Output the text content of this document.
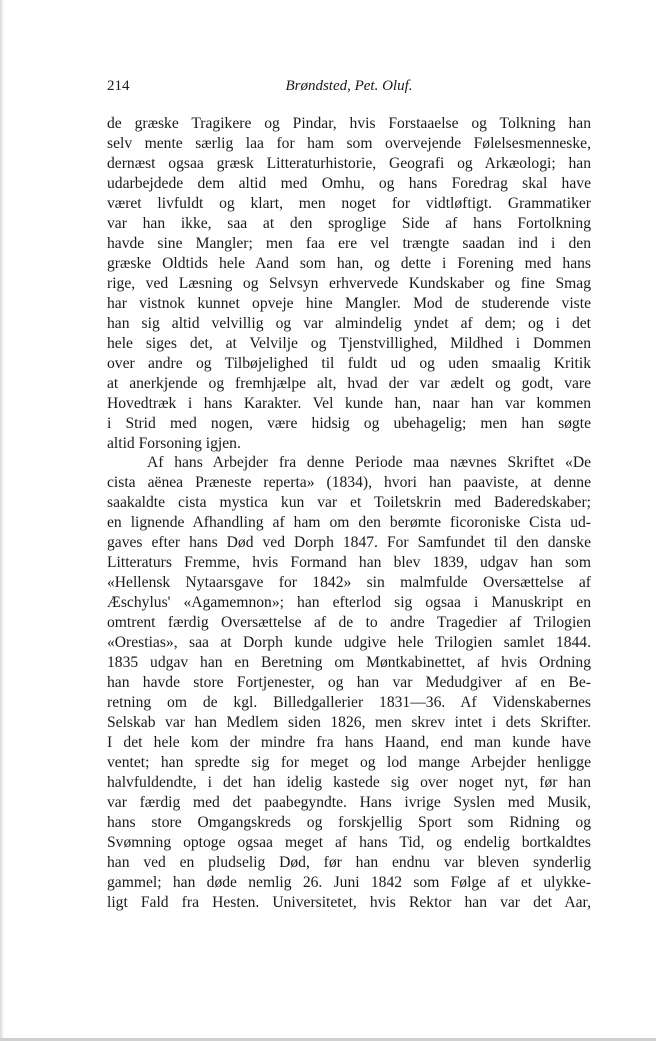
214	Brøndsted, Pet. Oluf.
de græske Tragikere og Pindar, hvis Forstaaelse og Tolkning han
selv mente særlig laa for ham som overvejende Følelsesmenneske,
dernæst ogsaa græsk Litteraturhistorie, Geografi og Arkæologi; han
udarbejdede dem altid med Omhu, og hans Foredrag skal have
været livfuldt og klart, men noget for vidtløftigt. Grammatiker
var han ikke, saa at den sproglige Side af hans Fortolkning
havde sine Mangler; men faa ere vel trængte saadan ind i den
græske Oldtids hele Aand som han, og dette i Forening med hans
rige, ved Læsning og Selvsyn erhvervede Kundskaber og fine Smag
har vistnok kunnet opveje hine Mangler. Mod de studerende viste
han sig altid velvillig og var almindelig yndet af dem; og i det
hele siges det, at Velvilje og Tjenstvillighed, Mildhed i Dommen
over andre og Tilbøjelighed til fuldt ud og uden smaalig Kritik
at anerkjende og fremhjælpe alt, hvad der var ædelt og godt, vare
Hovedtræk i hans Karakter. Vel kunde han, naar han var kommen
i Strid med nogen, være hidsig og ubehagelig; men han søgte
altid Forsoning igjen.
Af hans Arbejder fra denne Periode maa nævnes Skriftet «De
cista aënea Præneste reperta» (1834), hvori han paaviste, at denne
saakaldte cista mystica kun var et Toiletskrin med Baderedskaber;
en lignende Afhandling af ham om den berømte ficoroniske Cista ud-
gaves efter hans Død ved Dorph 1847. For Samfundet til den danske
Litteraturs Fremme, hvis Formand han blev 1839, udgav han som
«Hellensk Nytaarsgave for 1842» sin malmfulde Oversættelse af
Æschylus' «Agamemnon»; han efterlod sig ogsaa i Manuskript en
omtrent færdig Oversættelse af de to andre Tragedier af Trilogien
«Orestias», saa at Dorph kunde udgive hele Trilogien samlet 1844.
1835 udgav han en Beretning om Møntkabinettet, af hvis Ordning
han havde store Fortjenester, og han var Medudgiver af en Be-
retning om de kgl. Billedgallerier 1831—36. Af Videnskabernes
Selskab var han Medlem siden 1826, men skrev intet i dets Skrifter.
I det hele kom der mindre fra hans Haand, end man kunde have
ventet; han spredte sig for meget og lod mange Arbejder henligge
halvfuldendte, i det han idelig kastede sig over noget nyt, før han
var færdig med det paabegyndte. Hans ivrige Syslen med Musik,
hans store Omgangskreds og forskjellig Sport som Ridning og
Svømning optoge ogsaa meget af hans Tid, og endelig bortkaldtes
han ved en pludselig Død, før han endnu var bleven synderlig
gammel; han døde nemlig 26. Juni 1842 som Følge af et ulykke-
ligt Fald fra Hesten. Universitetet, hvis Rektor han var det Aar,
